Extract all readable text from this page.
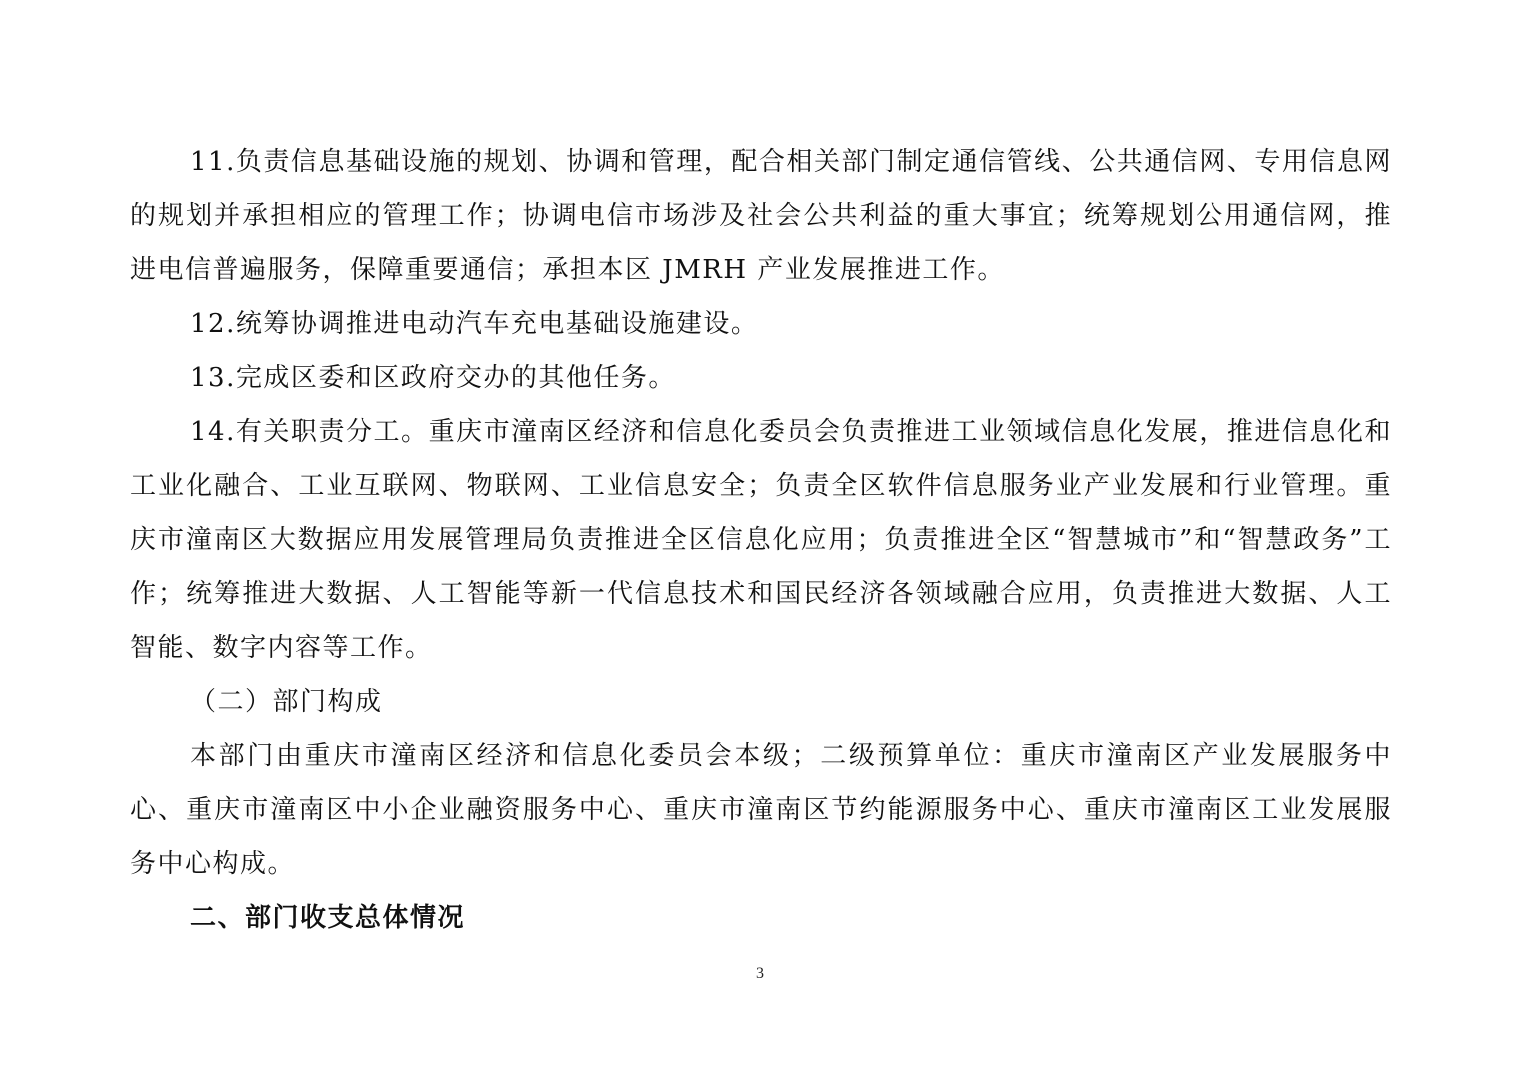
11.负责信息基础设施的规划、协调和管理，配合相关部门制定通信管线、公共通信网、专用信息网的规划并承担相应的管理工作；协调电信市场涉及社会公共利益的重大事宜；统筹规划公用通信网，推进电信普遍服务，保障重要通信；承担本区 JMRH 产业发展推进工作。

12.统筹协调推进电动汽车充电基础设施建设。

13.完成区委和区政府交办的其他任务。

14.有关职责分工。重庆市潼南区经济和信息化委员会负责推进工业领域信息化发展，推进信息化和工业化融合、工业互联网、物联网、工业信息安全；负责全区软件信息服务业产业发展和行业管理。重庆市潼南区大数据应用发展管理局负责推进全区信息化应用；负责推进全区“智慧城市”和“智慧政务”工作；统筹推进大数据、人工智能等新一代信息技术和国民经济各领域融合应用，负责推进大数据、人工智能、数字内容等工作。

（二）部门构成

本部门由重庆市潼南区经济和信息化委员会本级；二级预算单位：重庆市潼南区产业发展服务中心、重庆市潼南区中小企业融资服务中心、重庆市潼南区节约能源服务中心、重庆市潼南区工业发展服务中心构成。

二、部门收支总体情况

3
